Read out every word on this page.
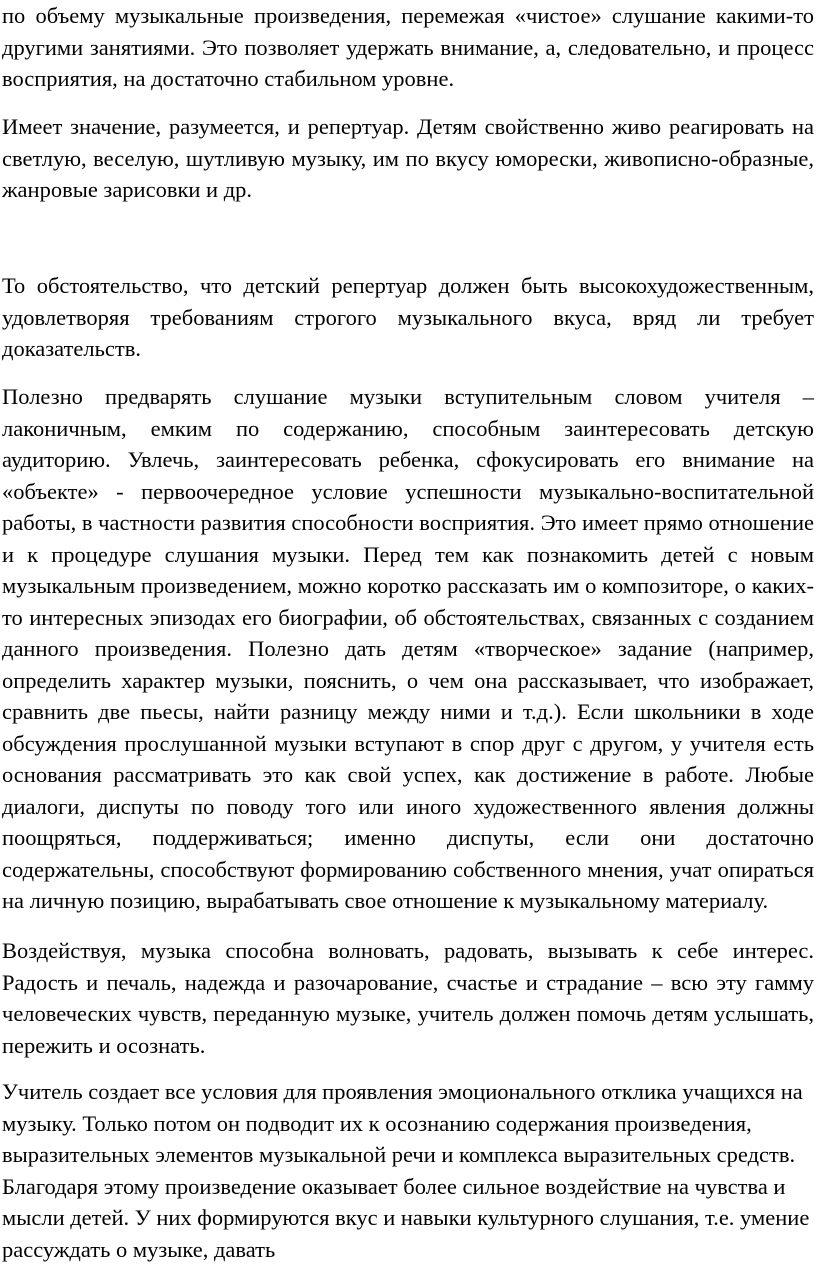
по объему музыкальные произведения, перемежая «чистое» слушание какими-то другими занятиями. Это позволяет удержать внимание, а, следовательно, и процесс восприятия, на достаточно стабильном уровне.

Имеет значение, разумеется, и репертуар. Детям свойственно живо реагировать на светлую, веселую, шутливую музыку, им по вкусу юморески, живописно-образные, жанровые зарисовки и др.

То обстоятельство, что детский репертуар должен быть высокохудожественным, удовлетворяя требованиям строгого музыкального вкуса, вряд ли требует доказательств.

Полезно предварять слушание музыки вступительным словом учителя – лаконичным, емким по содержанию, способным заинтересовать детскую аудиторию. Увлечь, заинтересовать ребенка, сфокусировать его внимание на «объекте» - первоочередное условие успешности музыкально-воспитательной работы, в частности развития способности восприятия. Это имеет прямо отношение и к процедуре слушания музыки. Перед тем как познакомить детей с новым музыкальным произведением, можно коротко рассказать им о композиторе, о каких-то интересных эпизодах его биографии, об обстоятельствах, связанных с созданием данного произведения. Полезно дать детям «творческое» задание (например, определить характер музыки, пояснить, о чем она рассказывает, что изображает, сравнить две пьесы, найти разницу между ними и т.д.). Если школьники в ходе обсуждения прослушанной музыки вступают в спор друг с другом, у учителя есть основания рассматривать это как свой успех, как достижение в работе. Любые диалоги, диспуты по поводу того или иного художественного явления должны поощряться, поддерживаться; именно диспуты, если они достаточно содержательны, способствуют формированию собственного мнения, учат опираться на личную позицию, вырабатывать свое отношение к музыкальному материалу.

Воздействуя, музыка способна волновать, радовать, вызывать к себе интерес. Радость и печаль, надежда и разочарование, счастье и страдание – всю эту гамму человеческих чувств, переданную музыке, учитель должен помочь детям услышать, пережить и осознать.

Учитель создает все условия для проявления эмоционального отклика учащихся на музыку. Только потом он подводит их к осознанию содержания произведения, выразительных элементов музыкальной речи и комплекса выразительных средств. Благодаря этому произведение оказывает более сильное воздействие на чувства и мысли детей. У них формируются вкус и навыки культурного слушания, т.е. умение рассуждать о музыке, давать
